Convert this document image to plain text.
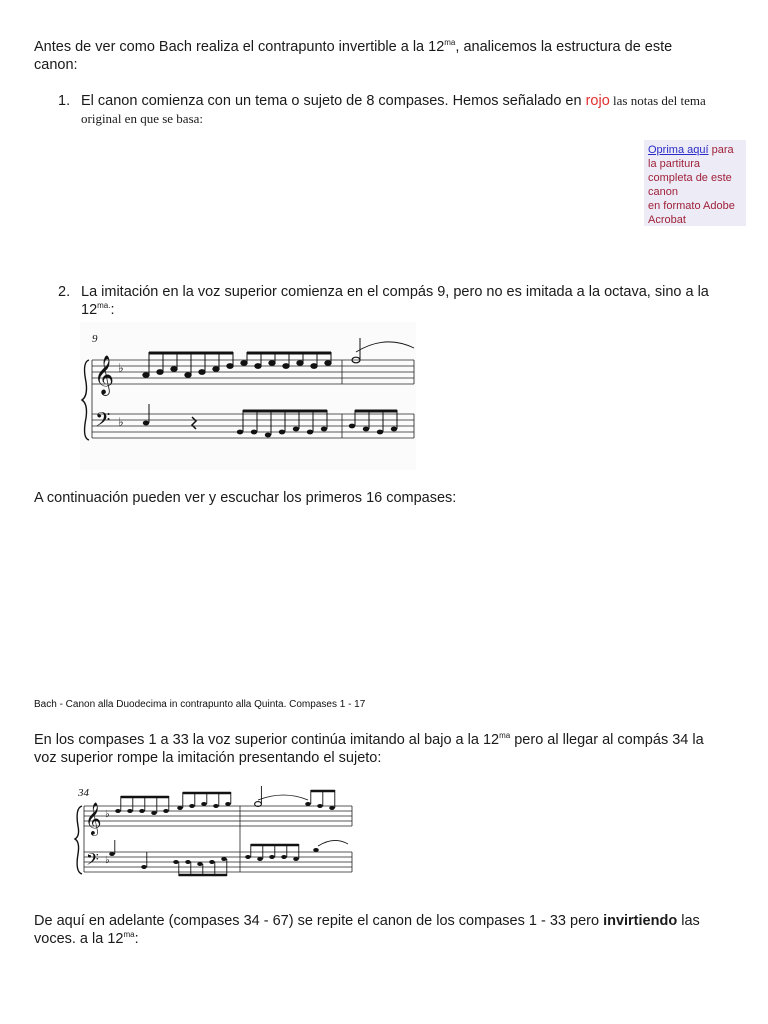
Antes de ver como Bach realiza el contrapunto invertible a la $12^{ma}$, analicemos la estructura de este
canon:
1. El canon comienza con un tema o sujeto de 8 compases. Hemos señalado en rojo las notas del tema
original en que se basa:
Oprima aquí para
la partitura
completa de este
canon
en formato Adobe
Acrobat
2. La imitación en la voz superior comienza en el compás 9, pero no es imitada a la octava, sino a la
$12^{ma.}$:
9
𝄞
𝄢
♭
♭
A continuación pueden ver y escuchar los primeros 16 compases:
Bach - Canon alla Duodecima in contrapunto alla Quinta. Compases 1 - 17
En los compases 1 a 33 la voz superior continúa imitando al bajo a la $12^{ma}$ pero al llegar al compás 34 la
voz superior rompe la imitación presentando el sujeto:
34
𝄞
𝄢
♭
♭
De aquí en adelante (compases 34 - 67) se repite el canon de los compases 1 - 33 pero invirtiendo las
voces. a la $12^{ma}$:
